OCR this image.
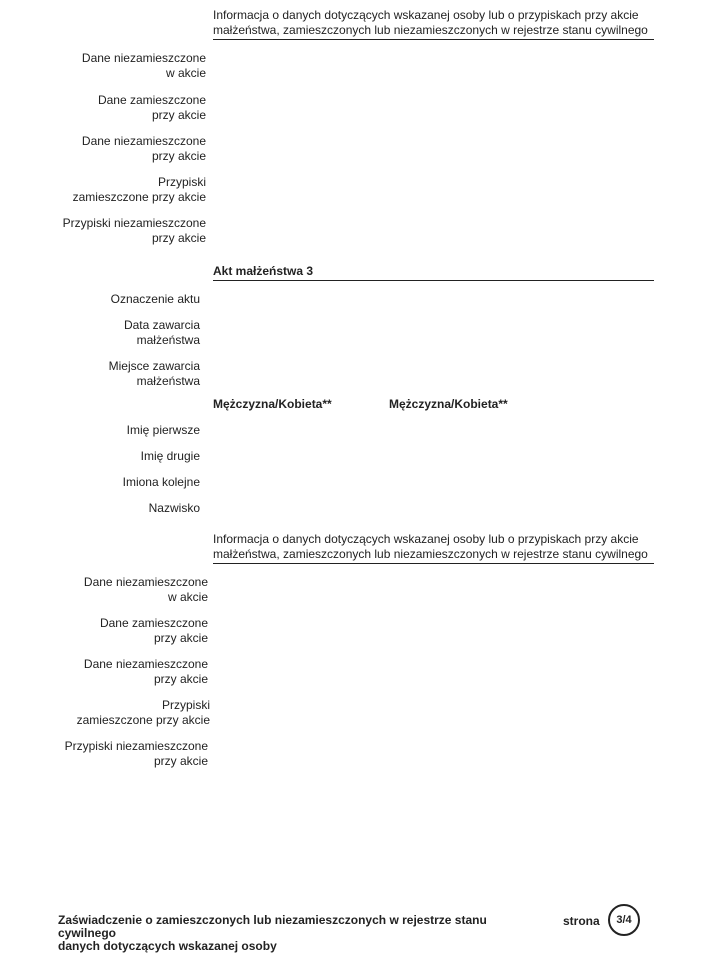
Informacja o danych dotyczących wskazanej osoby lub o przypiskach przy akcie
małżeństwa, zamieszczonych lub niezamieszczonych w rejestrze stanu cywilnego
Dane niezamieszczone
w akcie
Dane zamieszczone
przy akcie
Dane niezamieszczone
przy akcie
Przypiski
zamieszczone przy akcie
Przypiski niezamieszczone
przy akcie
Akt małżeństwa 3
Oznaczenie aktu
Data zawarcia
małżeństwa
Miejsce zawarcia
małżeństwa
Mężczyzna/Kobieta**	Mężczyzna/Kobieta**
Imię pierwsze
Imię drugie
Imiona kolejne
Nazwisko
Informacja o danych dotyczących wskazanej osoby lub o przypiskach przy akcie
małżeństwa, zamieszczonych lub niezamieszczonych w rejestrze stanu cywilnego
Dane niezamieszczone
w akcie
Dane zamieszczone
przy akcie
Dane niezamieszczone
przy akcie
Przypiski
zamieszczone przy akcie
Przypiski niezamieszczone
przy akcie
Zaświadczenie o zamieszczonych lub niezamieszczonych w rejestrze stanu cywilnego
danych dotyczących wskazanej osoby
strona	3/4
